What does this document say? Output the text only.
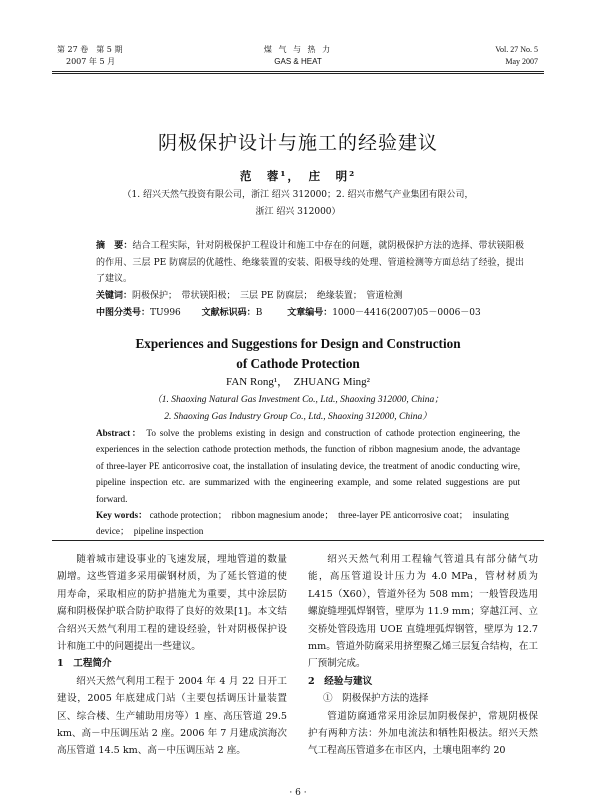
第 27 卷　第 5 期
2007 年 5 月
煤 气 与 热 力
GAS & HEAT
Vol. 27 No. 5
May 2007
阴极保护设计与施工的经验建议
范　蓉¹，　庄　明²
（1. 绍兴天然气投资有限公司，浙江 绍兴 312000；2. 绍兴市燃气产业集团有限公司，
浙江 绍兴 312000）
摘　要：结合工程实际，针对阴极保护工程设计和施工中存在的问题，就阴极保护方法的选择、带状镁阳极的作用、三层 PE 防腐层的优越性、绝缘装置的安装、阳极导线的处理、管道检测等方面总结了经验，提出了建议。
关键词：阴极保护；　带状镁阳极；　三层 PE 防腐层；　绝缘装置；　管道检测
中图分类号：TU996 文献标识码：B	文章编号：1000－4416(2007)05－0006－03
Experiences and Suggestions for Design and Construction
of Cathode Protection
FAN Rong¹，　ZHUANG Ming²
（1. Shaoxing Natural Gas Investment Co., Ltd., Shaoxing 312000, China；
2. Shaoxing Gas Industry Group Co., Ltd., Shaoxing 312000, China）
Abstract： To solve the problems existing in design and construction of cathode protection engineering, the experiences in the selection cathode protection methods, the function of ribbon magnesium anode, the advantage of three-layer PE anticorrosive coat, the installation of insulating device, the treatment of anodic conducting wire, pipeline inspection etc. are summarized with the engineering example, and some related suggestions are put forward.
Key words： cathode protection；　ribbon magnesium anode；　three-layer PE anticorrosive coat；　insulating device；　pipeline inspection

随着城市建设事业的飞速发展，埋地管道的数量剧增。这些管道多采用碳钢材质，为了延长管道的使用寿命，采取相应的防护措施尤为重要，其中涂层防腐和阴极保护联合防护取得了良好的效果[1]。本文结合绍兴天然气利用工程的建设经验，针对阴极保护设计和施工中的问题提出一些建议。

1　工程简介

绍兴天然气利用工程于 2004 年 4 月 22 日开工建设，2005 年底建成门站（主要包括调压计量装置区、综合楼、生产辅助用房等）1 座、高压管道 29.5 km、高－中压调压站 2 座。2006 年 7 月建成滨海次高压管道 14.5 km、高－中压调压站 2 座。

绍兴天然气利用工程输气管道具有部分储气功能，高压管道设计压力为 4.0 MPa，管材材质为 L415（X60），管道外径为 508 mm；一般管段选用螺旋缝埋弧焊钢管，壁厚为 11.9 mm；穿越江河、立交桥处管段选用 UOE 直缝埋弧焊钢管，壁厚为 12.7 mm。管道外防腐采用挤塑聚乙烯三层复合结构，在工厂预制完成。

2　经验与建议
①　阴极保护方法的选择

管道防腐通常采用涂层加阴极保护，常规阴极保护有两种方法：外加电流法和牺牲阳极法。绍兴天然气工程高压管道多在市区内，土壤电阻率约 20

· 6 ·
